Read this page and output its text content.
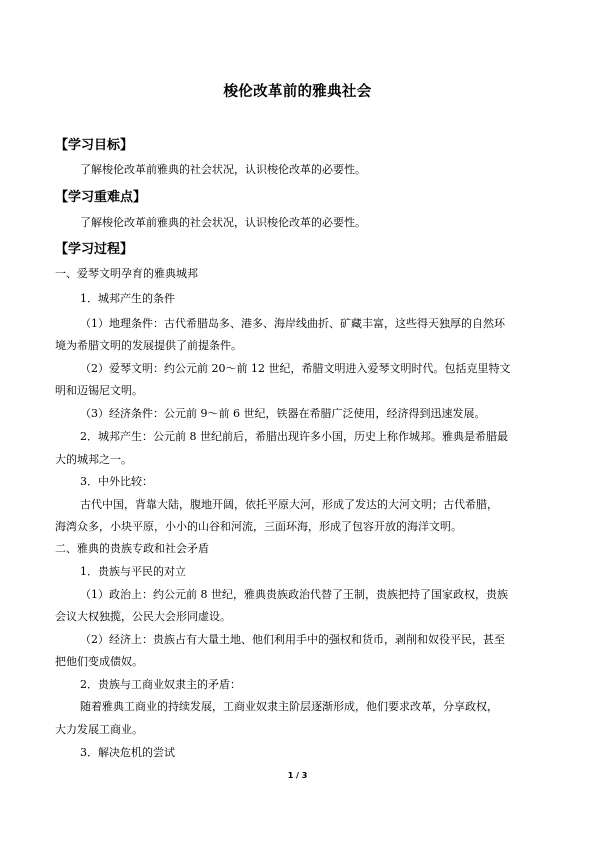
梭伦改革前的雅典社会
【学习目标】
了解梭伦改革前雅典的社会状况，认识梭伦改革的必要性。
【学习重难点】
了解梭伦改革前雅典的社会状况，认识梭伦改革的必要性。
【学习过程】
一、爱琴文明孕育的雅典城邦
1．城邦产生的条件
（1）地理条件：古代希腊岛多、港多、海岸线曲折、矿藏丰富，这些得天独厚的自然环
境为希腊文明的发展提供了前提条件。
（2）爱琴文明：约公元前 20～前 12 世纪，希腊文明进入爱琴文明时代。包括克里特文
明和迈锡尼文明。
（3）经济条件：公元前 9～前 6 世纪，铁器在希腊广泛使用，经济得到迅速发展。
2．城邦产生：公元前 8 世纪前后，希腊出现许多小国，历史上称作城邦。雅典是希腊最
大的城邦之一。
3．中外比较：
古代中国，背靠大陆，腹地开阔，依托平原大河，形成了发达的大河文明；古代希腊，
海湾众多，小块平原，小小的山谷和河流，三面环海，形成了包容开放的海洋文明。
二、雅典的贵族专政和社会矛盾
1．贵族与平民的对立
（1）政治上：约公元前 8 世纪，雅典贵族政治代替了王制，贵族把持了国家政权，贵族
会议大权独揽，公民大会形同虚设。
（2）经济上：贵族占有大量土地、他们利用手中的强权和货币，剥削和奴役平民，甚至
把他们变成债奴。
2．贵族与工商业奴隶主的矛盾：
随着雅典工商业的持续发展，工商业奴隶主阶层逐渐形成，他们要求改革，分享政权，
大力发展工商业。
3．解决危机的尝试
1 / 3
